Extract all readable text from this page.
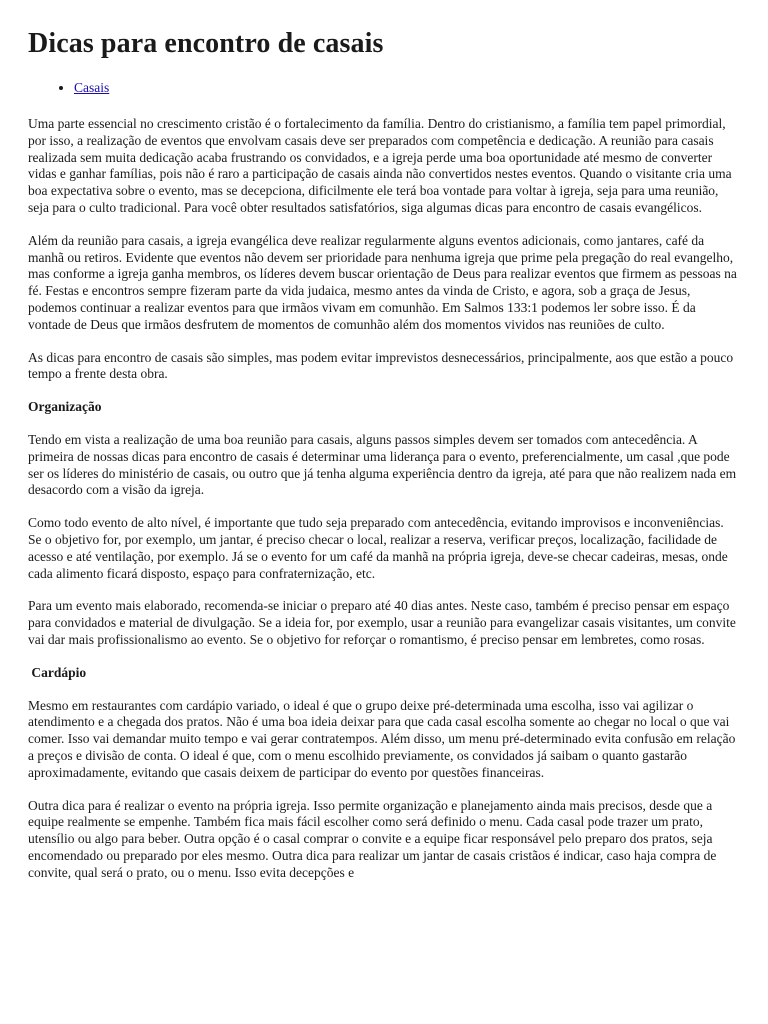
Dicas para encontro de casais
• Casais

Uma parte essencial no crescimento cristão é o fortalecimento da família. Dentro do cristianismo, a família tem papel primordial, por isso, a realização de eventos que envolvam casais deve ser preparados com competência e dedicação. A reunião para casais realizada sem muita dedicação acaba frustrando os convidados, e a igreja perde uma boa oportunidade até mesmo de converter vidas e ganhar famílias, pois não é raro a participação de casais ainda não convertidos nestes eventos. Quando o visitante cria uma boa expectativa sobre o evento, mas se decepciona, dificilmente ele terá boa vontade para voltar à igreja, seja para uma reunião, seja para o culto tradicional. Para você obter resultados satisfatórios, siga algumas dicas para encontro de casais evangélicos.

Além da reunião para casais, a igreja evangélica deve realizar regularmente alguns eventos adicionais, como jantares, café da manhã ou retiros. Evidente que eventos não devem ser prioridade para nenhuma igreja que prime pela pregação do real evangelho, mas conforme a igreja ganha membros, os líderes devem buscar orientação de Deus para realizar eventos que firmem as pessoas na fé. Festas e encontros sempre fizeram parte da vida judaica, mesmo antes da vinda de Cristo, e agora, sob a graça de Jesus, podemos continuar a realizar eventos para que irmãos vivam em comunhão. Em Salmos 133:1 podemos ler sobre isso. É da vontade de Deus que irmãos desfrutem de momentos de comunhão além dos momentos vividos nas reuniões de culto.

As dicas para encontro de casais são simples, mas podem evitar imprevistos desnecessários, principalmente, aos que estão a pouco tempo a frente desta obra.

Organização

Tendo em vista a realização de uma boa reunião para casais, alguns passos simples devem ser tomados com antecedência. A primeira de nossas dicas para encontro de casais é determinar uma liderança para o evento, preferencialmente, um casal ,que pode ser os líderes do ministério de casais, ou outro que já tenha alguma experiência dentro da igreja, até para que não realizem nada em desacordo com a visão da igreja.

Como todo evento de alto nível, é importante que tudo seja preparado com antecedência, evitando improvisos e inconveniências. Se o objetivo for, por exemplo, um jantar, é preciso checar o local, realizar a reserva, verificar preços, localização, facilidade de acesso e até ventilação, por exemplo. Já se o evento for um café da manhã na própria igreja, deve-se checar cadeiras, mesas, onde cada alimento ficará disposto, espaço para confraternização, etc.

Para um evento mais elaborado, recomenda-se iniciar o preparo até 40 dias antes. Neste caso, também é preciso pensar em espaço para convidados e material de divulgação. Se a ideia for, por exemplo, usar a reunião para evangelizar casais visitantes, um convite vai dar mais profissionalismo ao evento. Se o objetivo for reforçar o romantismo, é preciso pensar em lembretes, como rosas.

Cardápio

Mesmo em restaurantes com cardápio variado, o ideal é que o grupo deixe pré-determinada uma escolha, isso vai agilizar o atendimento e a chegada dos pratos. Não é uma boa ideia deixar para que cada casal escolha somente ao chegar no local o que vai comer. Isso vai demandar muito tempo e vai gerar contratempos. Além disso, um menu pré-determinado evita confusão em relação a preços e divisão de conta. O ideal é que, com o menu escolhido previamente, os convidados já saibam o quanto gastarão aproximadamente, evitando que casais deixem de participar do evento por questões financeiras.

Outra dica para é realizar o evento na própria igreja. Isso permite organização e planejamento ainda mais precisos, desde que a equipe realmente se empenhe. Também fica mais fácil escolher como será definido o menu. Cada casal pode trazer um prato, utensílio ou algo para beber. Outra opção é o casal comprar o convite e a equipe ficar responsável pelo preparo dos pratos, seja encomendado ou preparado por eles mesmo. Outra dica para realizar um jantar de casais cristãos é indicar, caso haja compra de convite, qual será o prato, ou o menu. Isso evita decepções e
